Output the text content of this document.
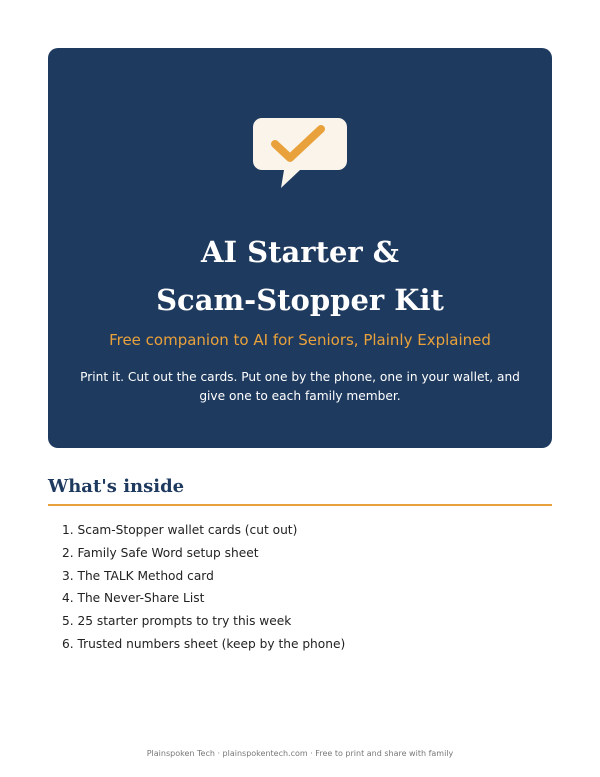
AI Starter &
Scam-Stopper Kit
Free companion to AI for Seniors, Plainly Explained
Print it. Cut out the cards. Put one by the phone, one in your wallet, and give one to each family member.
What's inside
1. Scam-Stopper wallet cards (cut out)
2. Family Safe Word setup sheet
3. The TALK Method card
4. The Never-Share List
5. 25 starter prompts to try this week
6. Trusted numbers sheet (keep by the phone)
Plainspoken Tech · plainspokentech.com · Free to print and share with family
